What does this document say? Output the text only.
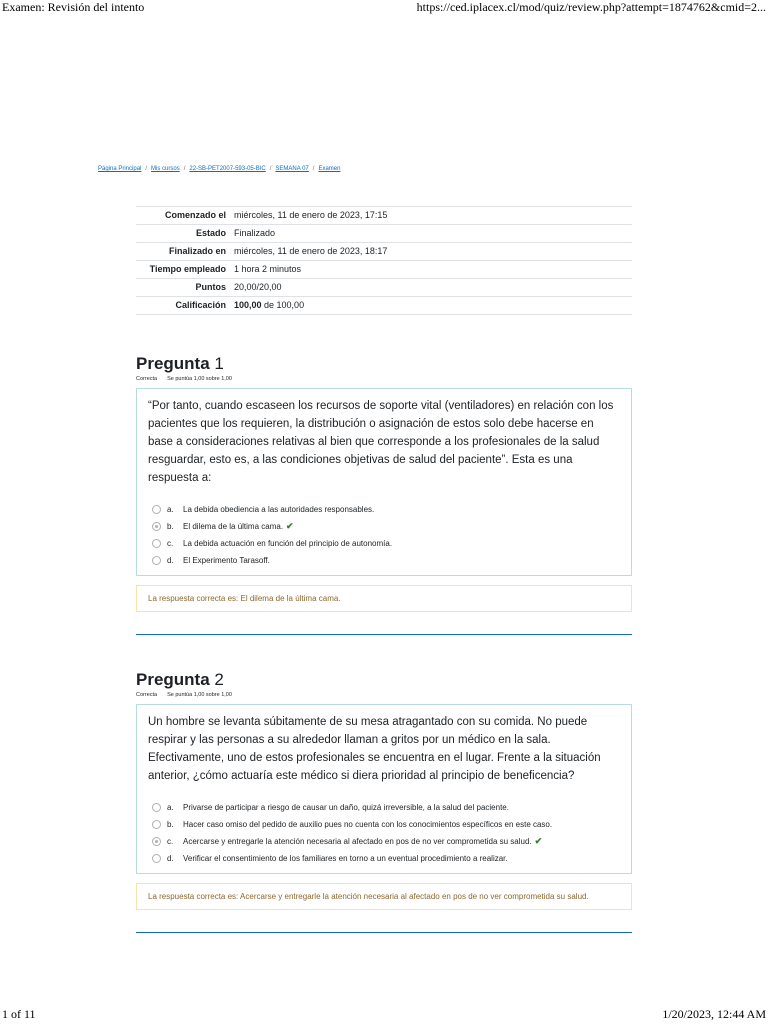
Examen: Revisión del intento	https://ced.iplacex.cl/mod/quiz/review.php?attempt=1874762&cmid=2...
Página Principal / Mis cursos / 22-SB-PET2007-593-05-BIC / SEMANA 07 / Examen
Comenzado el	miércoles, 11 de enero de 2023, 17:15
Estado	Finalizado
Finalizado en	miércoles, 11 de enero de 2023, 18:17
Tiempo empleado	1 hora 2 minutos
Puntos	20,00/20,00
Calificación	100,00 de 100,00
Pregunta 1
Correcta Se puntúa 1,00 sobre 1,00
“Por tanto, cuando escaseen los recursos de soporte vital (ventiladores) en relación con los pacientes que los requieren, la distribución o asignación de estos solo debe hacerse en base a consideraciones relativas al bien que corresponde a los profesionales de la salud resguardar, esto es, a las condiciones objetivas de salud del paciente”. Esta es una respuesta a:
a.	La debida obediencia a las autoridades responsables.
b.	El dilema de la última cama. ✔
c.	La debida actuación en función del principio de autonomía.
d.	El Experimento Tarasoff.
La respuesta correcta es: El dilema de la última cama.
Pregunta 2
Correcta Se puntúa 1,00 sobre 1,00
Un hombre se levanta súbitamente de su mesa atragantado con su comida. No puede respirar y las personas a su alrededor llaman a gritos por un médico en la sala. Efectivamente, uno de estos profesionales se encuentra en el lugar. Frente a la situación anterior, ¿cómo actuaría este médico si diera prioridad al principio de beneficencia?
a.	Privarse de participar a riesgo de causar un daño, quizá irreversible, a la salud del paciente.
b.	Hacer caso omiso del pedido de auxilio pues no cuenta con los conocimientos específicos en este caso.
c.	Acercarse y entregarle la atención necesaria al afectado en pos de no ver comprometida su salud. ✔
d.	Verificar el consentimiento de los familiares en torno a un eventual procedimiento a realizar.
La respuesta correcta es: Acercarse y entregarle la atención necesaria al afectado en pos de no ver comprometida su salud.
1 of 11	1/20/2023, 12:44 AM
